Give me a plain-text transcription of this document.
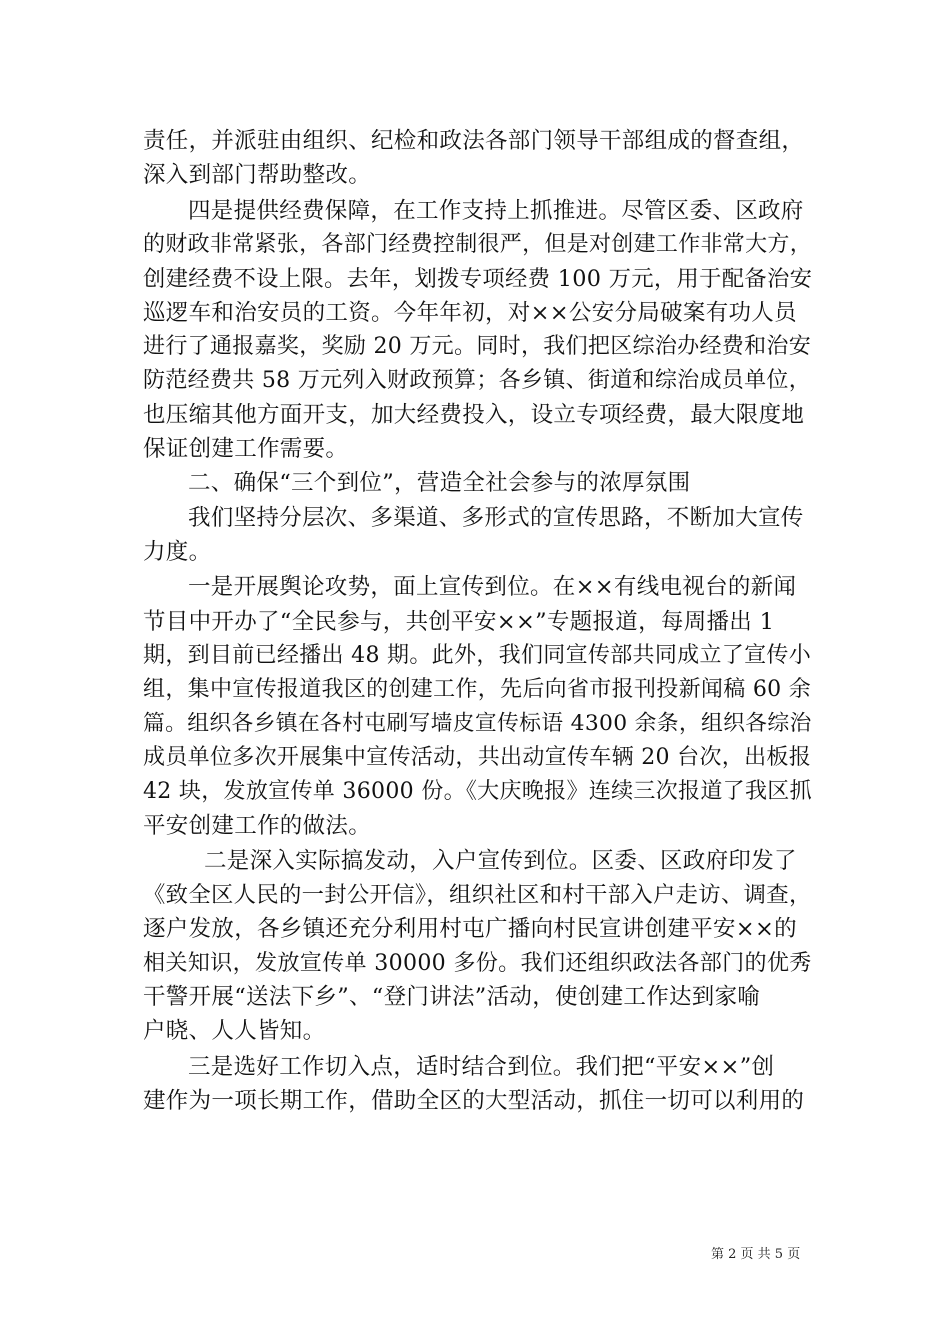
责任，并派驻由组织、纪检和政法各部门领导干部组成的督查组，
深入到部门帮助整改。
四是提供经费保障，在工作支持上抓推进。尽管区委、区政府
的财政非常紧张，各部门经费控制很严，但是对创建工作非常大方，
创建经费不设上限。去年，划拨专项经费 100 万元，用于配备治安
巡逻车和治安员的工资。今年年初，对××公安分局破案有功人员
进行了通报嘉奖，奖励 20 万元。同时，我们把区综治办经费和治安
防范经费共 58 万元列入财政预算；各乡镇、街道和综治成员单位，
也压缩其他方面开支，加大经费投入，设立专项经费，最大限度地
保证创建工作需要。
二、确保“三个到位”，营造全社会参与的浓厚氛围
我们坚持分层次、多渠道、多形式的宣传思路，不断加大宣传
力度。
一是开展舆论攻势，面上宣传到位。在××有线电视台的新闻
节目中开办了“全民参与，共创平安××”专题报道，每周播出 1
期，到目前已经播出 48 期。此外，我们同宣传部共同成立了宣传小
组，集中宣传报道我区的创建工作，先后向省市报刊投新闻稿 60 余
篇。组织各乡镇在各村屯刷写墙皮宣传标语 4300 余条，组织各综治
成员单位多次开展集中宣传活动，共出动宣传车辆 20 台次，出板报
42 块，发放宣传单 36000 份。《大庆晚报》连续三次报道了我区抓
平安创建工作的做法。
二是深入实际搞发动，入户宣传到位。区委、区政府印发了
《致全区人民的一封公开信》，组织社区和村干部入户走访、调查，
逐户发放，各乡镇还充分利用村屯广播向村民宣讲创建平安××的
相关知识，发放宣传单 30000 多份。我们还组织政法各部门的优秀
干警开展“送法下乡”、“登门讲法”活动，使创建工作达到家喻
户晓、人人皆知。
三是选好工作切入点，适时结合到位。我们把“平安××”创
建作为一项长期工作，借助全区的大型活动，抓住一切可以利用的
第 2 页 共 5 页
